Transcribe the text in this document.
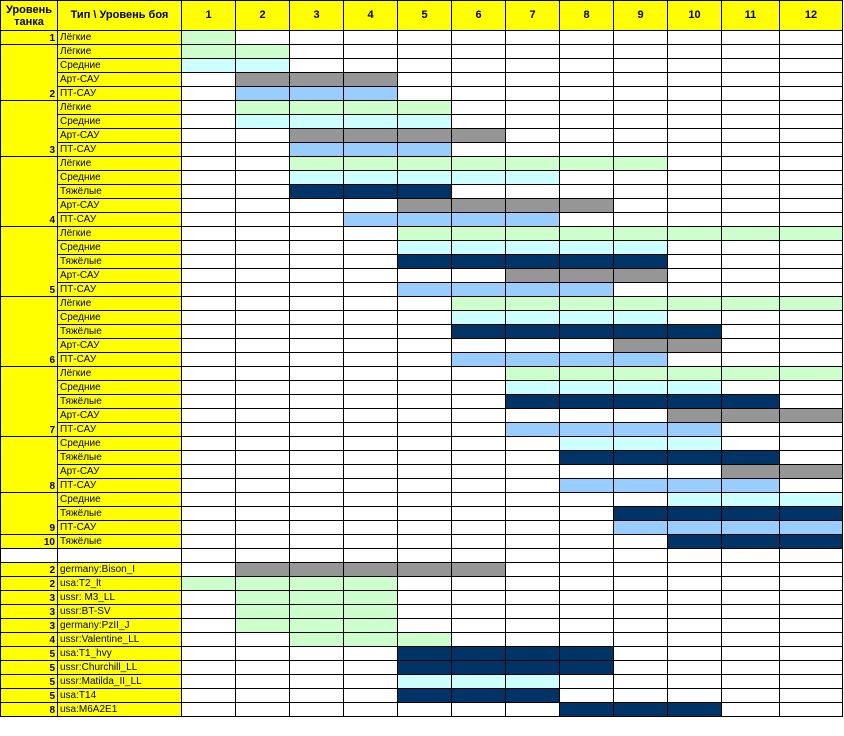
Уровень танка	Тип \ Уровень боя	1	2	3	4	5	6	7	8	9	10	11	12
1	Лёгкие												
2	Лёгкие												
	Средние												
	Арт-САУ												
	ПТ-САУ												
3	Лёгкие												
	Средние												
	Арт-САУ												
	ПТ-САУ												
4	Лёгкие												
	Средние												
	Тяжёлые												
	Арт-САУ												
	ПТ-САУ												
5	Лёгкие												
	Средние												
	Тяжёлые												
	Арт-САУ												
	ПТ-САУ												
6	Лёгкие												
	Средние												
	Тяжёлые												
	Арт-САУ												
	ПТ-САУ												
7	Лёгкие												
	Средние												
	Тяжёлые												
	Арт-САУ												
	ПТ-САУ												
8	Средние												
	Тяжёлые												
	Арт-САУ												
	ПТ-САУ												
9	Средние												
	Тяжёлые												
	ПТ-САУ												
10	Тяжёлые												

2	germany:Bison_I												
2	usa:T2_lt												
3	ussr: M3_LL												
3	ussr:BT-SV												
3	germany:PzII_J												
4	ussr:Valentine_LL												
5	usa:T1_hvy												
5	ussr:Churchill_LL												
5	ussr:Matilda_II_LL												
5	usa:T14												
8	usa:M6A2E1												
